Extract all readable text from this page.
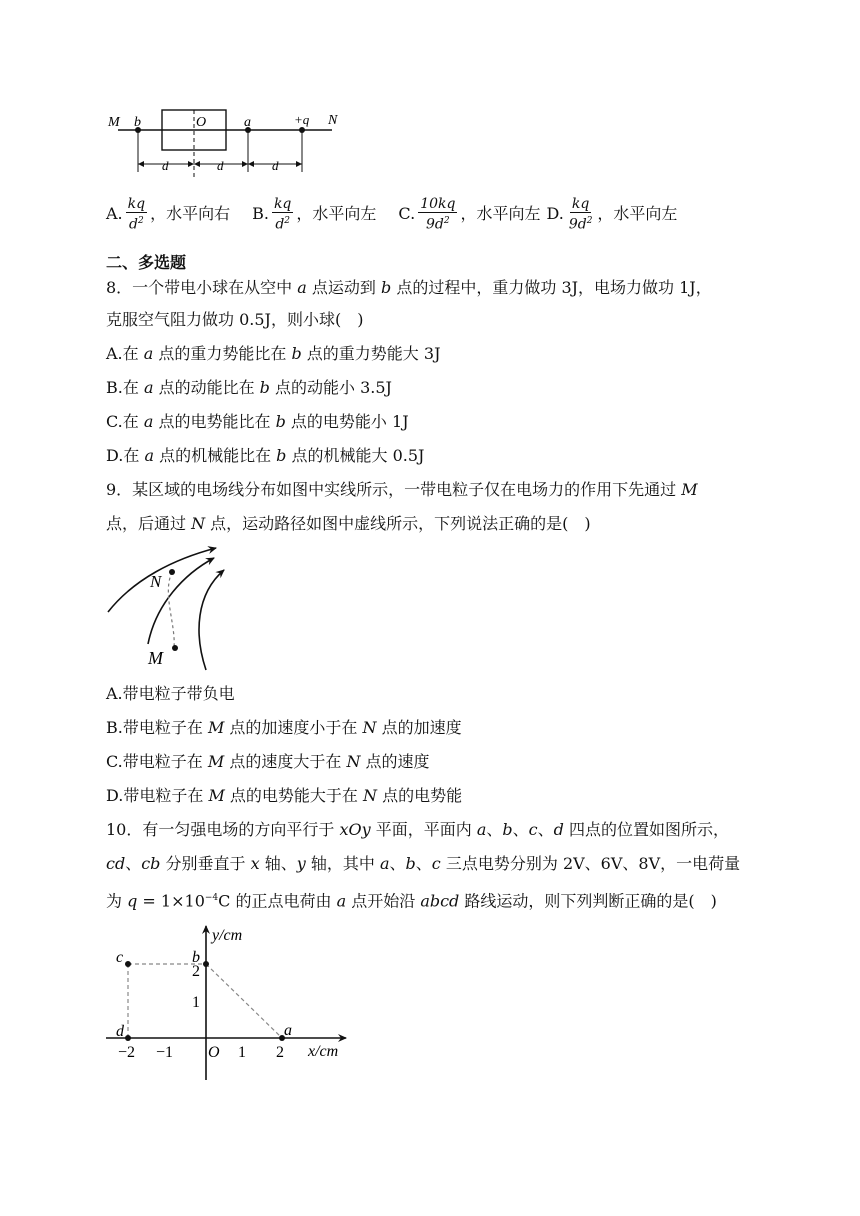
M b	O	a	+q N
d	d	d
A. $\frac{kq}{d^2}$ ，水平向右 B. $\frac{kq}{d^2}$ ，水平向左 C. $\frac{10kq}{9d^2}$ ，水平向左 D. $\frac{kq}{9d^2}$ ，水平向左
二、多选题
8．一个带电小球在从空中 a 点运动到 b 点的过程中，重力做功 3J，电场力做功 1J，
克服空气阻力做功 0.5J，则小球(　)
A.在 a 点的重力势能比在 b 点的重力势能大 3J
B.在 a 点的动能比在 b 点的动能小 3.5J
C.在 a 点的电势能比在 b 点的电势能小 1J
D.在 a 点的机械能比在 b 点的机械能大 0.5J
9．某区域的电场线分布如图中实线所示，一带电粒子仅在电场力的作用下先通过 M
点，后通过 N 点，运动路径如图中虚线所示，下列说法正确的是(　)
N
M
A.带电粒子带负电
B.带电粒子在 M 点的加速度小于在 N 点的加速度
C.带电粒子在 M 点的速度大于在 N 点的速度
D.带电粒子在 M 点的电势能大于在 N 点的电势能
10．有一匀强电场的方向平行于 xOy 平面，平面内 a、b、c、d 四点的位置如图所示，
cd、cb 分别垂直于 x 轴、y 轴，其中 a、b、c 三点电势分别为 2V、6V、8V，一电荷量
为 $q = 1\times 10^{-4}C$ 的正点电荷由 a 点开始沿 abcd 路线运动，则下列判断正确的是(　)
y/cm
x/cm
O
−2 −1	1 2
1
2
c	b
d	a
